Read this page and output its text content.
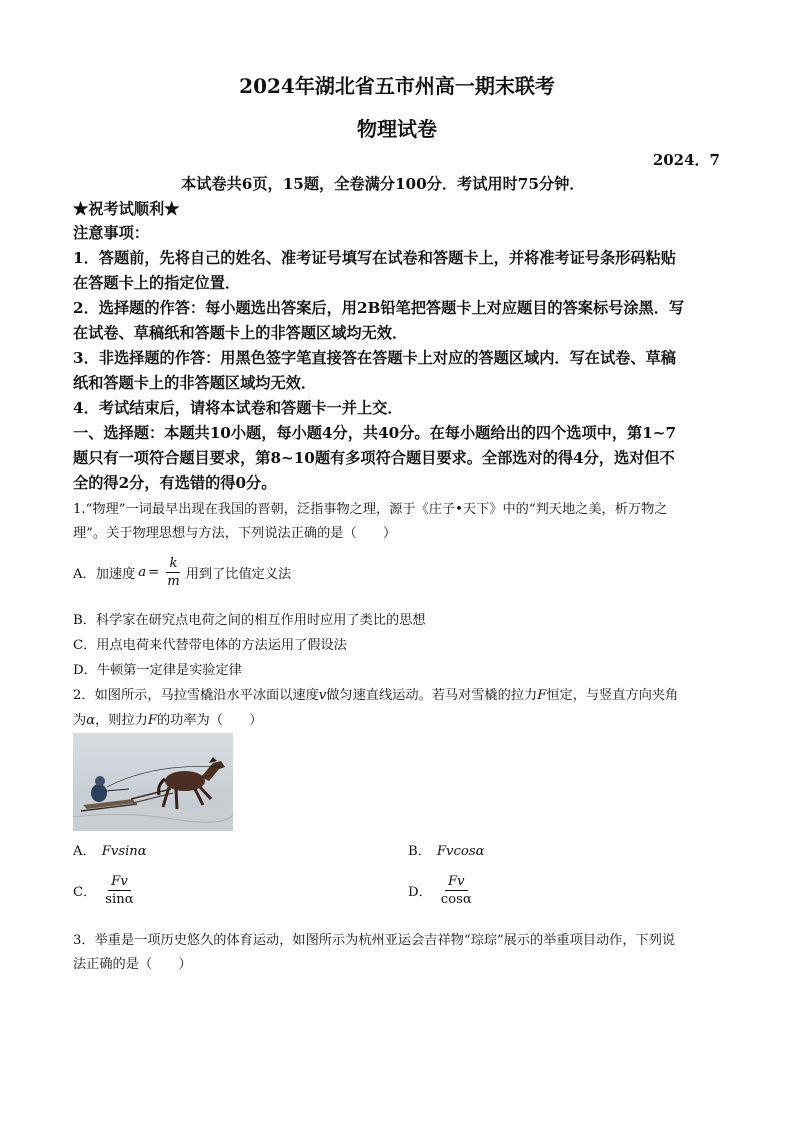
2024年湖北省五市州高一期末联考
物理试卷
2024．7
本试卷共6页，15题，全卷满分100分．考试用时75分钟．
★祝考试顺利★
注意事项：
1．答题前，先将自己的姓名、准考证号填写在试卷和答题卡上，并将准考证号条形码粘贴
在答题卡上的指定位置．
2．选择题的作答：每小题选出答案后，用2B铅笔把答题卡上对应题目的答案标号涂黑．写
在试卷、草稿纸和答题卡上的非答题区域均无效．
3．非选择题的作答：用黑色签字笔直接答在答题卡上对应的答题区域内．写在试卷、草稿
纸和答题卡上的非答题区域均无效．
4．考试结束后，请将本试卷和答题卡一并上交．
一、选择题：本题共10小题，每小题4分，共40分。在每小题给出的四个选项中，第1~7
题只有一项符合题目要求，第8~10题有多项符合题目要求。全部选对的得4分，选对但不
全的得2分，有选错的得0分。
1.“物理”一词最早出现在我国的晋朝，泛指事物之理，源于《庄子•天下》中的“判天地之美，析万物之
理”。关于物理思想与方法，下列说法正确的是（　　）
A．加速度 $a = \frac{k}{m}$ 用到了比值定义法
B．科学家在研究点电荷之间的相互作用时应用了类比的思想
C．用点电荷来代替带电体的方法运用了假设法
D．牛顿第一定律是实验定律
2．如图所示，马拉雪橇沿水平冰面以速度v做匀速直线运动。若马对雪橇的拉力F恒定，与竖直方向夹角
为α，则拉力F的功率为（　　）
A． Fvsinα	B． Fvcosα
C． $\frac{Fv}{\sin\alpha}$	D． $\frac{Fv}{\cos\alpha}$
3．举重是一项历史悠久的体育运动，如图所示为杭州亚运会吉祥物“琮琮”展示的举重项目动作，下列说
法正确的是（　　）
